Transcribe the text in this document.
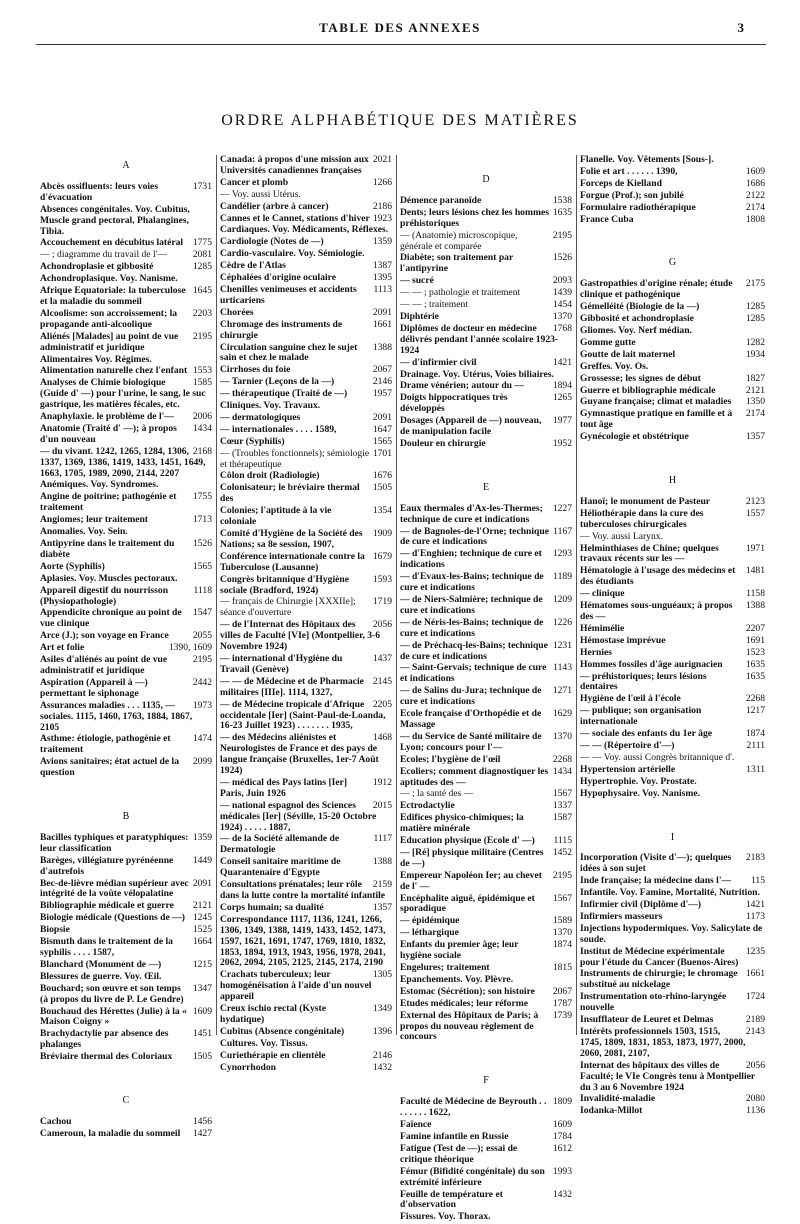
TABLE DES ANNEXES	3
ORDRE ALPHABÉTIQUE DES MATIÈRES
A
1731
Abcès ossifluents: leurs voies d'évacuation
Absences congénitales. Voy. Cubitus, Muscle grand pectoral, Phalangines, Tibia.
1775
Accouchement en décubitus latéral
2081
— ; diagramme du travail de l'—
1285
Achondroplasie et gibbosité
Achondroplasique. Voy. Nanisme.
1645
Afrique Equatoriale: la tuberculose et la maladie du sommeil
2203
Alcoolisme: son accroissement; la propagande anti-alcoolique
2195
Aliénés [Malades] au point de vue administratif et juridique
Alimentaires Voy. Régimes.
1553
Alimentation naturelle chez l'enfant
1585
Analyses de Chimie biologique (Guide d' —) pour l'urine, le sang, le suc gastrique, les matières fécales, etc.
2006
Anaphylaxie. le problème de l'—
1434
Anatomie (Traité d' —); à propos d'un nouveau
2168
— du vivant. 1242, 1265, 1284, 1306, 1337, 1369, 1386, 1419, 1433, 1451, 1649, 1663, 1705, 1989, 2090, 2144, 2207
Anémiques. Voy. Syndromes.
1755
Angine de poitrine; pathogénie et traitement
1713
Angiomes; leur traitement
Anomalies. Voy. Sein.
1526
Antipyrine dans le traitement du diabète
1565
Aorte (Syphilis)
Aplasies. Voy. Muscles pectoraux.
1118
Appareil digestif du nourrisson (Physiopathologie)
1547
Appendicite chronique au point de vue clinique
2055
Arce (J.); son voyage en France
1390, 1609
Art et folie
2195
Asiles d'aliénés au point de vue administratif et juridique
2442
Aspiration (Appareil à —) permettant le siphonage
1973
Assurances maladies . . . 1135, — sociales. 1115, 1460, 1763, 1884, 1867, 2105
1474
Asthme: étiologie, pathogénie et traitement
2099
Avions sanitaires; état actuel de la question
B
1359
Bacilles typhiques et paratyphiques: leur classification
1449
Barèges, villégiature pyrénéenne d'autrefois
2091
Bec-de-lièvre médian supérieur avec intégrité de la voûte vélopalatine
2121
Bibliographie médicale et guerre
1245
Biologie médicale (Questions de —)
1525
Biopsie
1664
Bismuth dans le traitement de la syphilis . . . . 1587,
1215
Blanchard (Monument de —)
Blessures de guerre. Voy. Œil.
1347
Bouchard; son œuvre et son temps (à propos du livre de P. Le Gendre)
1609
Bouchaud des Hérettes (Julie) à la « Maison Coigny »
1451
Brachydactylie par absence des phalanges
1505
Bréviaire thermal des Coloriaux
C
1456
Cachou
1427
Cameroun, la maladie du sommeil
2021
Canada: à propos d'une mission aux Universités canadiennes françaises
1266
Cancer et plomb
— Voy. aussi Utérus.
2186
Candélier (arbre à cancer)
1923
Cannes et le Cannet, stations d'hiver
Cardiaques. Voy. Médicaments, Réflexes.
1359
Cardiologie (Notes de —)
Cardio-vasculaire. Voy. Sémiologie.
1387
Cèdre de l'Atlas
1395
Céphalées d'origine oculaire
1113
Chenilles venimeuses et accidents urticariens
2091
Chorées
1661
Chromage des instruments de chirurgie
1388
Circulation sanguine chez le sujet sain et chez le malade
2067
Cirrhoses du foie
2146
— Tarnier (Leçons de la —)
1957
— thérapeutique (Traité de —)
Cliniques. Voy. Travaux.
2091
— dermatologiques
1647
— internationales . . . . 1589,
1565
Cœur (Syphilis)
1701
— (Troubles fonctionnels); sémiologie et thérapeutique
1676
Côlon droit (Radiologie)
1505
Colonisateur; le bréviaire thermal des
1354
Colonies; l'aptitude à la vie coloniale
1909
Comité d'Hygiène de la Société des Nations; sa 8e session, 1907,
1679
Conférence internationale contre la Tuberculose (Lausanne)
1593
Congrès britannique d'Hygiène sociale (Bradford, 1924)
1719
— français de Chirurgie [XXXIIe]; séance d'ouverture
2056
— de l'Internat des Hôpitaux des villes de Faculté [VIe] (Montpellier, 3-6 Novembre 1924)
1437
— international d'Hygiène du Travail (Genève)
2145
— — de Médecine et de Pharmacie militaires [IIIe]. 1114, 1327,
2205
— de Médecine tropicale d'Afrique occidentale [Ier] (Saint-Paul-de-Loanda, 16-23 Juillet 1923) . . . . . . . 1935,
1468
— des Médecins aliénistes et Neurologistes de France et des pays de langue française (Bruxelles, 1er-7 Août 1924)
1912
— médical des Pays latins [Ier] Paris, Juin 1926
2015
— national espagnol des Sciences médicales [Ier] (Séville, 15-20 Octobre 1924) . . . . . 1887,
1117
— de la Société allemande de Dermatologie
1388
Conseil sanitaire maritime de Quarantenaire d'Egypte
2159
Consultations prénatales; leur rôle dans la lutte contre la mortalité infantile
1357
Corps humain; sa dualité
Correspondance 1117, 1136, 1241, 1266, 1306, 1349, 1388, 1419, 1433, 1452, 1473, 1597, 1621, 1691, 1747, 1769, 1810, 1832, 1853, 1894, 1913, 1943, 1956, 1978, 2041, 2062, 2094, 2105, 2125, 2145, 2174, 2190
1305
Crachats tuberculeux; leur homogénéisation à l'aide d'un nouvel appareil
1349
Creux ischio rectal (Kyste hydatique)
1396
Cubitus (Absence congénitale)
Cultures. Voy. Tissus.
2146
Curiethérapie en clientèle
1432
Cynorrhodon
D
1538
Démence paranoïde
1635
Dents; leurs lésions chez les hommes préhistoriques
2195
— (Anatomie) microscopique, générale et comparée
1526
Diabète; son traitement par l'antipyrine
2093
— sucré
1439
— — ; pathologie et traitement
1454
— — ; traitement
1370
Diphtérie
1768
Diplômes de docteur en médecine délivrés pendant l'année scolaire 1923-1924
1421
— d'infirmier civil
Drainage. Voy. Utérus, Voies biliaires.
1894
Drame vénérien; autour du —
1265
Doigts hippocratiques très développés
1977
Dosages (Appareil de —) nouveau, de manipulation facile
1952
Douleur en chirurgie
E
1227
Eaux thermales d'Ax-les-Thermes; technique de cure et indications
1167
— de Bagnoles-de-l'Orne; technique de cure et indications
1293
— d'Enghien; technique de cure et indications
1189
— d'Evaux-les-Bains; technique de cure et indications
1209
— de Niers-Salmière; technique de cure et indications
1226
— de Néris-les-Bains; technique de cure et indications
1231
— de Préchacq-les-Bains; technique de cure et indications
1143
— Saint-Gervais; technique de cure et indications
1271
— de Salins du-Jura; technique de cure et indications
1629
Ecole française d'Orthopédie et de Massage
1370
— du Service de Santé militaire de Lyon; concours pour l'—
2268
Ecoles; l'hygiène de l'œil
1434
Ecoliers; comment diagnostiquer les aptitudes des —
1567
— ; la santé des —
1337
Ectrodactylie
1587
Edifices physico-chimiques; la matière minérale
1115
Education physique (Ecole d' —)
1452
— [Ré] physique militaire (Centres de —)
2195
Empereur Napoléon Ier; au chevet de l' —
1567
Encéphalite aiguë, épidémique et sporadique
1589
— épidémique
1370
— léthargique
1874
Enfants du premier âge; leur hygiène sociale
1815
Engelures; traitement
Epanchements. Voy. Plèvre.
2067
Estomac (Sécrétion); son histoire
1787
Etudes médicales; leur réforme
1739
External des Hôpitaux de Paris; à propos du nouveau règlement de concours
F
1809
Faculté de Médecine de Beyrouth . . . . . . . . 1622,
1609
Faïence
1784
Famine infantile en Russie
1612
Fatigue (Test de —); essai de critique théorique
1993
Fémur (Bifidité congénitale) du son extrémité inférieure
1432
Feuille de température et d'observation
Fissures. Voy. Thorax.
Flanelle. Voy. Vêtements [Sous-].
1609
Folie et art . . . . . . 1390,
1686
Forceps de Kielland
2122
Forgue (Prof.); son jubilé
2174
Formulaire radiothérapique
1808
France Cuba
G
2175
Gastropathies d'origine rénale; étude clinique et pathogénique
1285
Gémelléité (Biologie de la —)
1285
Gibbosité et achondroplasie
Gliomes. Voy. Nerf médian.
1282
Gomme gutte
1934
Goutte de lait maternel
Greffes. Voy. Os.
1827
Grossesse; les signes de début
2121
Guerre et bibliographie médicale
1350
Guyane française; climat et maladies
2174
Gymnastique pratique en famille et à tout âge
1357
Gynécologie et obstétrique
H
2123
Hanoï; le monument de Pasteur
1557
Héliothérapie dans la cure des tuberculoses chirurgicales
— Voy. aussi Larynx.
1971
Helminthiases de Chine; quelques travaux récents sur les —
1481
Hématologie à l'usage des médecins et des étudiants
1158
— clinique
1388
Hématomes sous-unguéaux; à propos des —
2207
Hémimélie
1691
Hémostase imprévue
1523
Hernies
1635
Hommes fossiles d'âge aurignacien
1635
— préhistoriques; leurs lésions dentaires
2268
Hygiène de l'œil à l'école
1217
— publique; son organisation internationale
1874
— sociale des enfants du 1er âge
2111
— — (Répertoire d'—)
— — Voy. aussi Congrès britannique d'.
1311
Hypertension artérielle
Hypertrophie. Voy. Prostate.
Hypophysaire. Voy. Nanisme.
I
2183
Incorporation (Visite d'—); quelques idées à son sujet
115
Inde française; la médecine dans l'—
Infantile. Voy. Famine, Mortalité, Nutrition.
1421
Infirmier civil (Diplôme d'—)
1173
Infirmiers masseurs
Injections hypodermiques. Voy. Salicylate de soude.
1235
Institut de Médecine expérimentale pour l'étude du Cancer (Buenos-Aires)
1661
Instruments de chirurgie; le chromage substitué au nickelage
1724
Instrumentation oto-rhino-laryngée nouvelle
2189
Insufflateur de Leuret et Delmas
2143
Intérêts professionnels 1503, 1515, 1745, 1809, 1831, 1853, 1873, 1977, 2000, 2060, 2081, 2107,
2056
Internat des hôpitaux des villes de Faculté; le VIe Congrès tenu à Montpellier du 3 au 6 Novembre 1924
2080
Invalidité-maladie
1136
Iodanka-Millot
